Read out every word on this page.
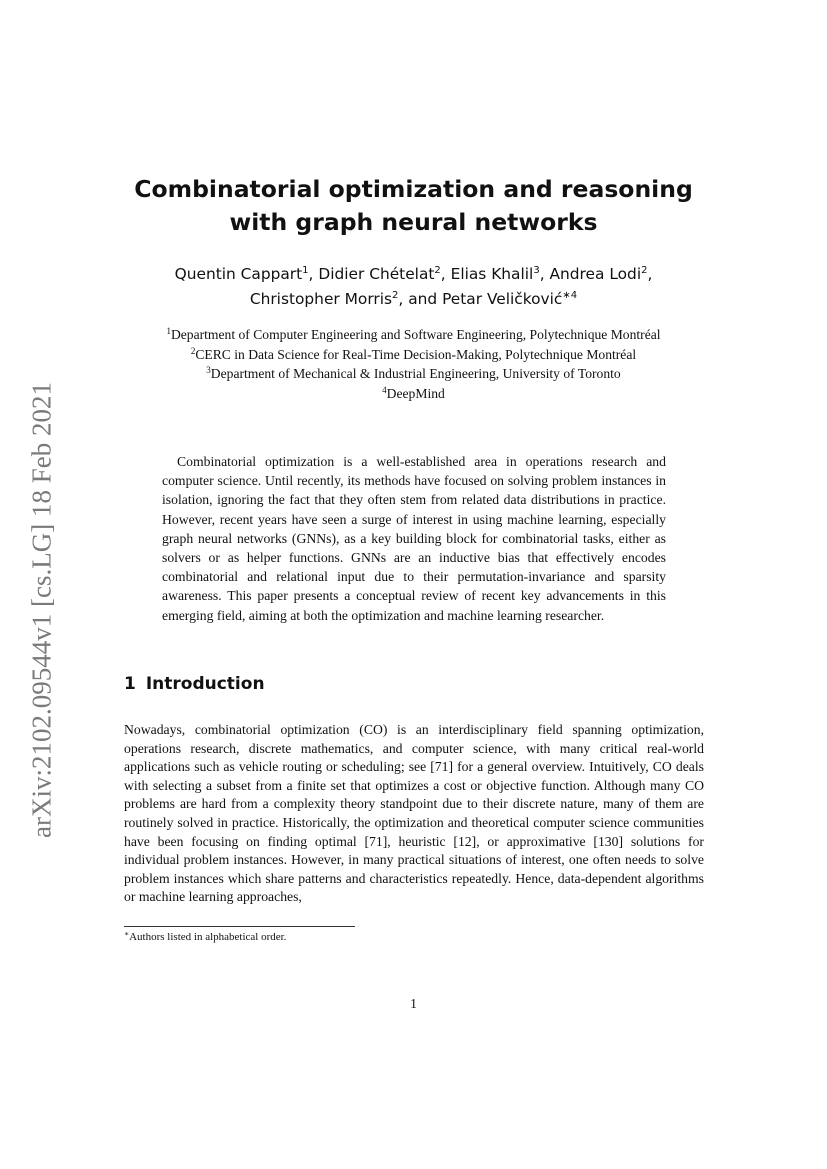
arXiv:2102.09544v1 [cs.LG] 18 Feb 2021
Combinatorial optimization and reasoning
with graph neural networks
Quentin Cappart$^1$, Didier Chételat$^2$, Elias Khalil$^3$, Andrea Lodi$^2$,
Christopher Morris$^2$, and Petar Veličković$^{∗4}$
$^1$Department of Computer Engineering and Software Engineering, Polytechnique Montréal
$^2$CERC in Data Science for Real-Time Decision-Making, Polytechnique Montréal
$^3$Department of Mechanical & Industrial Engineering, University of Toronto
$^4$DeepMind

Combinatorial optimization is a well-established area in operations research and computer science. Until recently, its methods have focused on solving problem instances in isolation, ignoring the fact that they often stem from related data distributions in practice. However, recent years have seen a surge of interest in using machine learning, especially graph neural networks (GNNs), as a key building block for combinatorial tasks, either as solvers or as helper functions. GNNs are an inductive bias that effectively encodes combinatorial and relational input due to their permutation-invariance and sparsity awareness. This paper presents a conceptual review of recent key advancements in this emerging field, aiming at both the optimization and machine learning researcher.

1 Introduction

Nowadays, combinatorial optimization (CO) is an interdisciplinary field spanning optimization, operations research, discrete mathematics, and computer science, with many critical real-world applications such as vehicle routing or scheduling; see [71] for a general overview. Intuitively, CO deals with selecting a subset from a finite set that optimizes a cost or objective function. Although many CO problems are hard from a complexity theory standpoint due to their discrete nature, many of them are routinely solved in practice. Historically, the optimization and theoretical computer science communities have been focusing on finding optimal [71], heuristic [12], or approximative [130] solutions for individual problem instances. However, in many practical situations of interest, one often needs to solve problem instances which share patterns and characteristics repeatedly. Hence, data-dependent algorithms or machine learning approaches,

∗Authors listed in alphabetical order.
1
